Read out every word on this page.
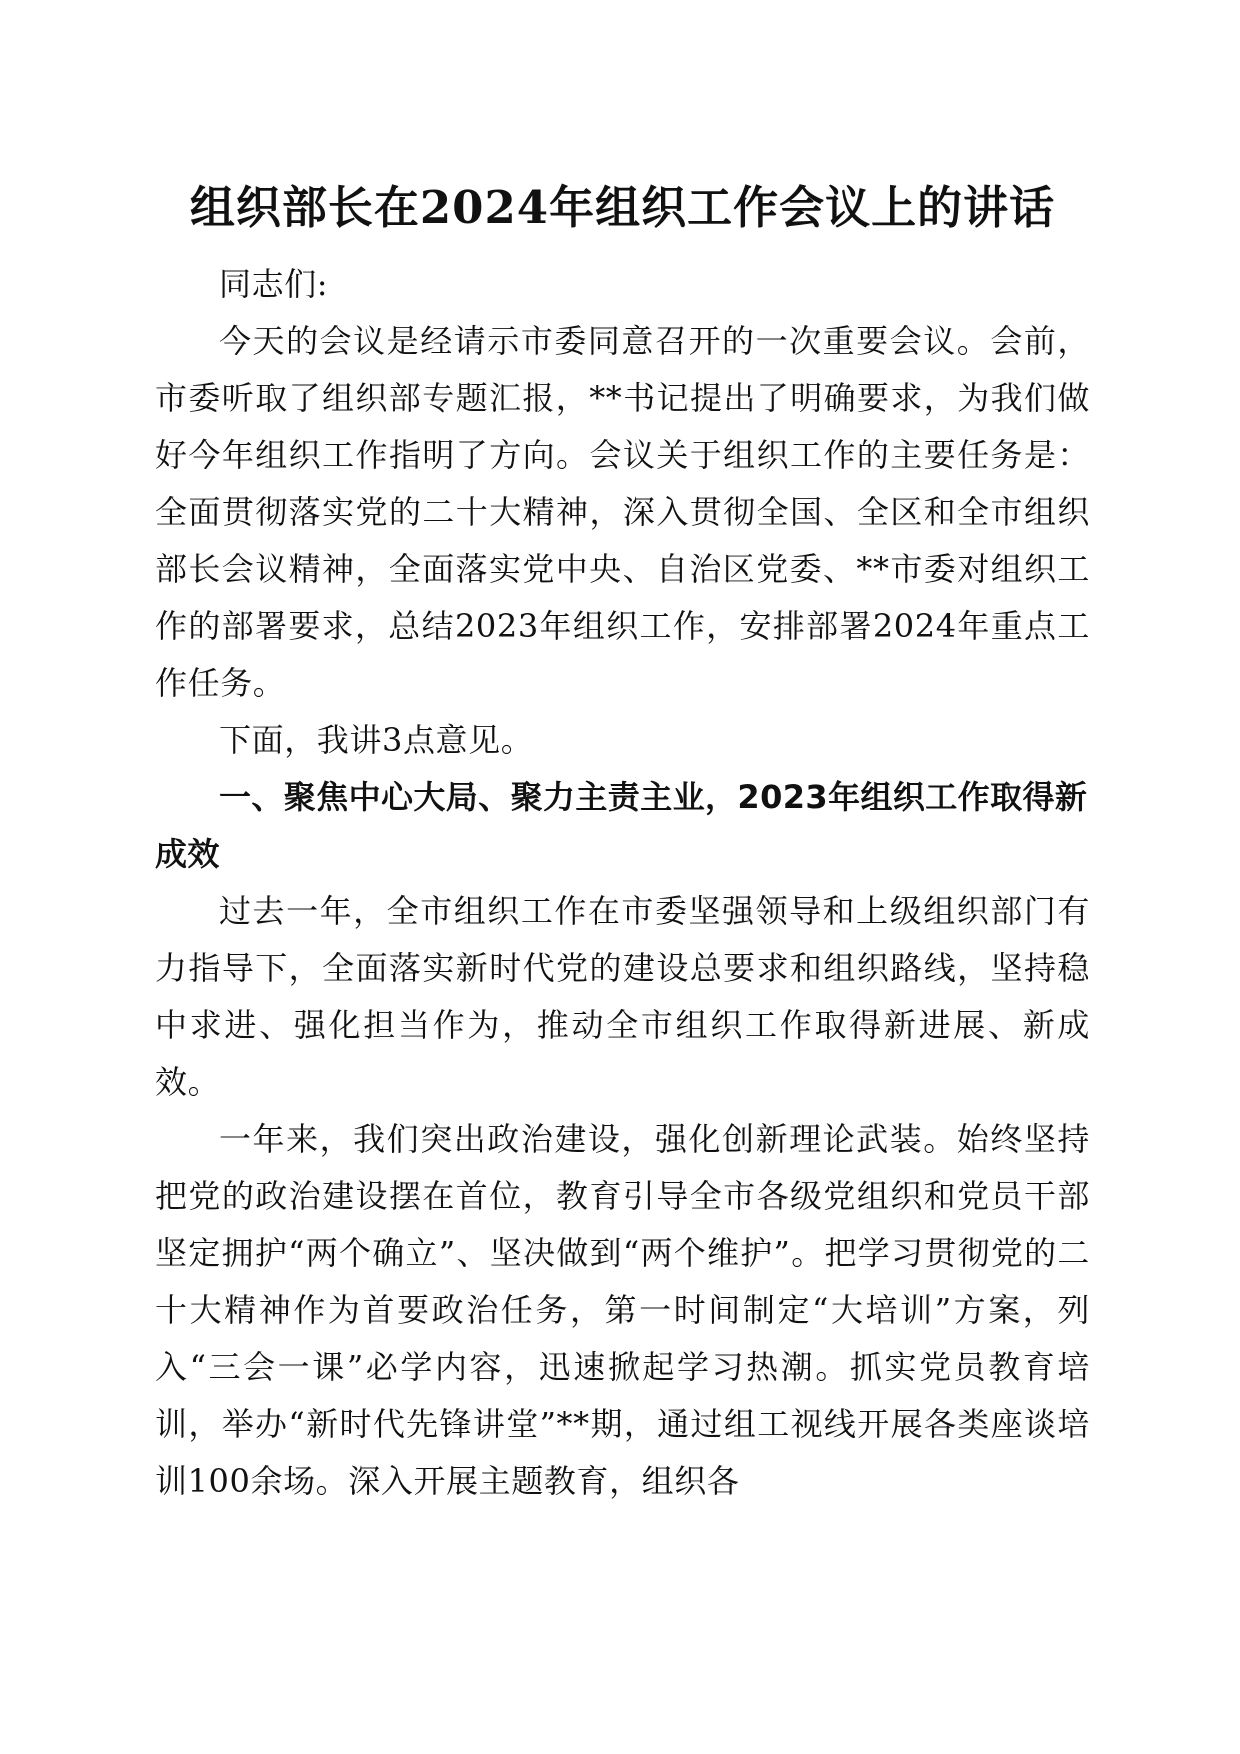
组织部长在2024年组织工作会议上的讲话

同志们:

今天的会议是经请示市委同意召开的一次重要会议。会前，市委听取了组织部专题汇报，**书记提出了明确要求，为我们做好今年组织工作指明了方向。会议关于组织工作的主要任务是：全面贯彻落实党的二十大精神，深入贯彻全国、全区和全市组织部长会议精神，全面落实党中央、自治区党委、**市委对组织工作的部署要求，总结2023年组织工作，安排部署2024年重点工作任务。

下面，我讲3点意见。

一、聚焦中心大局、聚力主责主业，2023年组织工作取得新成效

过去一年，全市组织工作在市委坚强领导和上级组织部门有力指导下，全面落实新时代党的建设总要求和组织路线，坚持稳中求进、强化担当作为，推动全市组织工作取得新进展、新成效。

一年来，我们突出政治建设，强化创新理论武装。始终坚持把党的政治建设摆在首位，教育引导全市各级党组织和党员干部坚定拥护“两个确立”、坚决做到“两个维护”。把学习贯彻党的二十大精神作为首要政治任务，第一时间制定“大培训”方案，列入“三会一课”必学内容，迅速掀起学习热潮。抓实党员教育培训，举办“新时代先锋讲堂”**期，通过组工视线开展各类座谈培训100余场。深入开展主题教育，组织各
